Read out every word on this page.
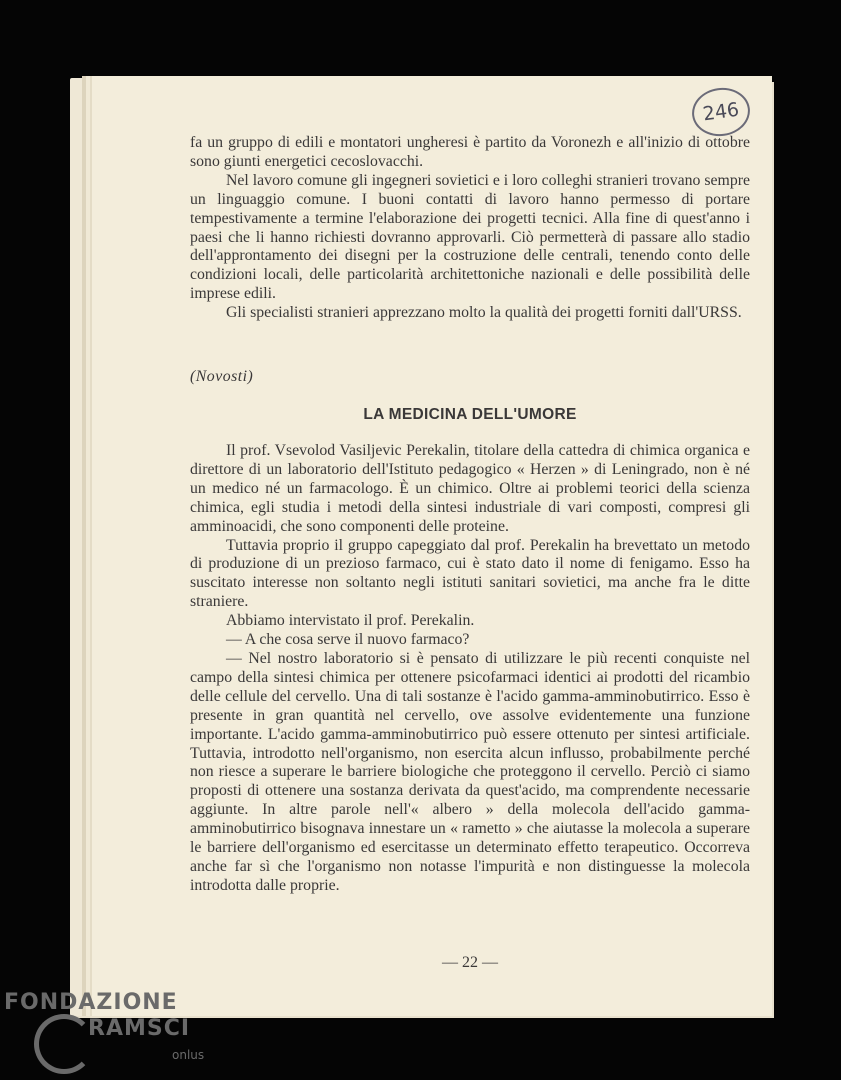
246

fa un gruppo di edili e montatori ungheresi è partito da Voronezh e all'inizio di ottobre sono giunti energetici cecoslovacchi.

Nel lavoro comune gli ingegneri sovietici e i loro colleghi stranieri trovano sempre un linguaggio comune. I buoni contatti di lavoro hanno permesso di portare tempestivamente a termine l'elaborazione dei progetti tecnici. Alla fine di quest'anno i paesi che li hanno richiesti dovranno approvarli. Ciò permetterà di passare allo stadio dell'approntamento dei disegni per la costruzione delle centrali, tenendo conto delle condizioni locali, delle particolarità architettoniche nazionali e delle possibilità delle imprese edili.

Gli specialisti stranieri apprezzano molto la qualità dei progetti forniti dall'URSS.

(Novosti)
LA MEDICINA DELL'UMORE

Il prof. Vsevolod Vasiljevic Perekalin, titolare della cattedra di chimica organica e direttore di un laboratorio dell'Istituto pedagogico « Herzen » di Leningrado, non è né un medico né un farmacologo. È un chimico. Oltre ai problemi teorici della scienza chimica, egli studia i metodi della sintesi industriale di vari composti, compresi gli amminoacidi, che sono componenti delle proteine.

Tuttavia proprio il gruppo capeggiato dal prof. Perekalin ha brevettato un metodo di produzione di un prezioso farmaco, cui è stato dato il nome di fenigamo. Esso ha suscitato interesse non soltanto negli istituti sanitari sovietici, ma anche fra le ditte straniere.

Abbiamo intervistato il prof. Perekalin.

— A che cosa serve il nuovo farmaco?

— Nel nostro laboratorio si è pensato di utilizzare le più recenti conquiste nel campo della sintesi chimica per ottenere psicofarmaci identici ai prodotti del ricambio delle cellule del cervello. Una di tali sostanze è l'acido gamma-amminobutirrico. Esso è presente in gran quantità nel cervello, ove assolve evidentemente una funzione importante. L'acido gamma-amminobutirrico può essere ottenuto per sintesi artificiale. Tuttavia, introdotto nell'organismo, non esercita alcun influsso, probabilmente perché non riesce a superare le barriere biologiche che proteggono il cervello. Perciò ci siamo proposti di ottenere una sostanza derivata da quest'acido, ma comprendente necessarie aggiunte. In altre parole nell'« albero » della molecola dell'acido gamma-amminobutirrico bisognava innestare un « rametto » che aiutasse la molecola a superare le barriere dell'organismo ed esercitasse un determinato effetto terapeutico. Occorreva anche far sì che l'organismo non notasse l'impurità e non distinguesse la molecola introdotta dalle proprie.

— 22 —
FONDAZIONE
RAMSCI
onlus
